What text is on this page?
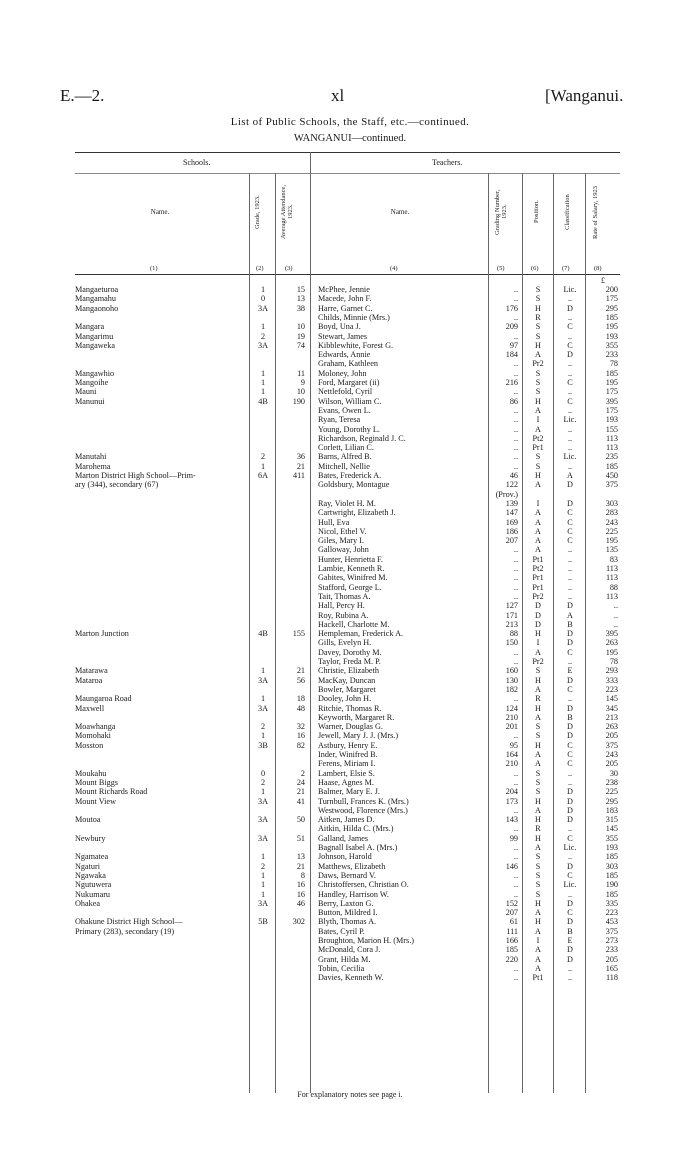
E.—2.	xl	[Wanganui.
List of Public Schools, the Staff, etc.—continued.
WANGANUI—continued.
Schools.	Teachers.
Name.	Grade, 1923.	Average Attendance, 1923.	Name.	Grading Number, 1923.	Position.	Classification	Rate of Salary, 1923
(1)	(2)	(3)	(4)	(5)	(6)	(7)	(8)
£
Mangaeturoa	1	15 McPhee, Jennie	..	S	Lic.	200
Mangamahu	0	13 Macede, John F.	..	S	..	175
Mangaonoho	3A	38 Harre, Garnet C.	176	H	D	295
Childs, Minnie (Mrs.)	..	R	..	185
Mangara	1	10 Boyd, Una J.	209	S	C	195
Mangarimu	2	19 Stewart, James	..	S	..	193
Mangaweka	3A	74 Kibblewhite, Forest G.	97	H	C	355
Edwards, Annie	184	A	D	233
Graham, Kathleen	..	Pr2	..	78
Mangawhio	1	11 Moloney, John	..	S	..	185
Mangoihe	1	9 Ford, Margaret (ii)	216	S	C	195
Mauni	1	10 Nettlefold, Cyril	..	S	..	175
Manunui	4B	190 Wilson, William C.	86	H	C	395
Evans, Owen L.	..	A	..	175
Ryan, Teresa	..	I	Lic.	193
Young, Dorothy L.	..	A	..	155
Richardson, Reginald J. C.	..	Pt2	..	113
Corlett, Lilian C.	..	Pr1	..	113
Manutahi	2	36 Barns, Alfred B.	..	S	Lic.	235
Marohema	1	21 Mitchell, Nellie	..	S	..	185
Marton District High School—Prim-	6A	411 Bates, Frederick A.	46	H	A	450
ary (344), secondary (67)	Goldsbury, Montague	122	A	D	375
(Prov.)
Ray, Violet H. M.	139	I	D	303
Cartwright, Elizabeth J.	147	A	C	283
Hull, Eva	169	A	C	243
Nicol, Ethel V.	186	A	C	225
Giles, Mary I.	207	A	C	195
Galloway, John	..	A	..	135
Hunter, Henrietta F.	..	Pt1	..	83
Lambie, Kenneth R.	..	Pt2	..	113
Gabites, Winifred M.	..	Pr1	..	113
Stafford, George L.	..	Pr1	..	88
Tait, Thomas A.	..	Pr2	..	113
Hall, Percy H.	127	D	D	..
Roy, Rubina A.	171	D	A	..
Hackell, Charlotte M.	213	D	B	..
Marton Junction	4B	155 Hempleman, Frederick A.	88	H	D	395
Gills, Evelyn H.	150	I	D	263
Davey, Dorothy M.	..	A	C	195
Taylor, Freda M. P.	..	Pr2	..	78
Matarawa	1	21 Christie, Elizabeth	160	S	E	293
Mataroa	3A	56 MacKay, Duncan	130	H	D	333
Bowler, Margaret	182	A	C	223
Maungaroa Road	1	18 Dooley, John H.	..	R	..	145
Maxwell	3A	48 Ritchie, Thomas R.	124	H	D	345
Keyworth, Margaret R.	210	A	B	213
Moawhanga	2	32 Warner, Douglas G.	201	S	D	263
Momohaki	1	16 Jewell, Mary J. J. (Mrs.)	..	S	D	205
Mosston	3B	82 Astbury, Henry E.	95	H	C	375
Inder, Winifred B.	164	A	C	243
Ferens, Miriam I.	210	A	C	205
Moukahu	0	2 Lambert, Elsie S.	..	S	..	30
Mount Biggs	2	24 Haase, Agnes M.	..	S	..	238
Mount Richards Road	1	21 Balmer, Mary E. J.	204	S	D	225
Mount View	3A	41 Turnbull, Frances K. (Mrs.)	173	H	D	295
Westwood, Florence (Mrs.)	..	A	D	183
Moutoa	3A	50 Aitken, James D.	143	H	D	315
Aitkin, Hilda C. (Mrs.)	..	R	..	145
Newbury	3A	51 Galland, James	99	H	C	355
Bagnall Isabel A. (Mrs.)	..	A	Lic.	193
Ngamatea	1	13 Johnson, Harold	..	S	..	185
Ngaturi	2	21 Matthews, Elizabeth	146	S	D	303
Ngawaka	1	8 Daws, Bernard V.	..	S	C	185
Ngutuwera	1	16 Christoffersen, Christian O.	..	S	Lic.	190
Nukumaru	1	16 Handley, Harrison W.	..	S	..	185
Ohakea	3A	46 Berry, Laxton G.	152	H	D	335
Button, Mildred I.	207	A	C	223
Ohakune District High School—	5B	302 Blyth, Thomas A.	61	H	D	453
Primary (283), secondary (19)	Bates, Cyril P.	111	A	B	375
Broughton, Marion H. (Mrs.)	166	I	E	273
McDonald, Cora J.	185	A	D	233
Grant, Hilda M.	220	A	D	205
Tobin, Cecilia	..	A	..	165
Davies, Kenneth W.	..	Pt1	..	118
For explanatory notes see page i.
